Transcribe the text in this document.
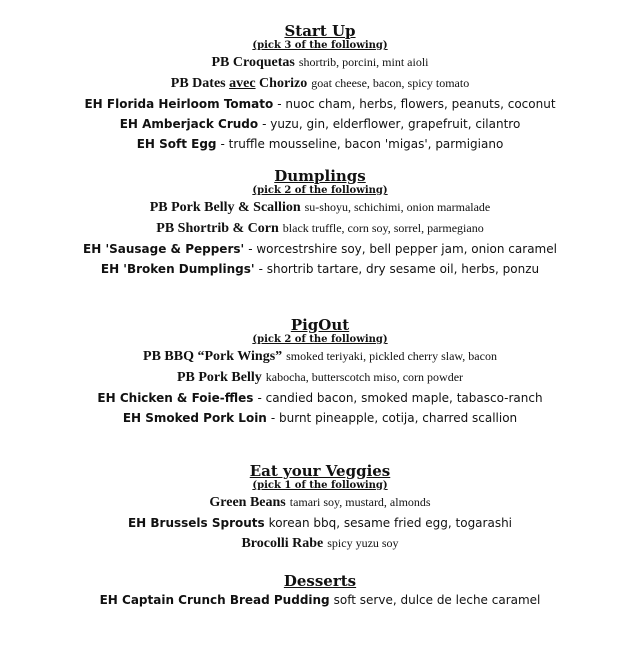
Start Up

(pick 3 of the following)

PB Croquetas shortrib, porcini, mint aioli

PB Dates avec Chorizo goat cheese, bacon, spicy tomato

EH Florida Heirloom Tomato - nuoc cham, herbs, flowers, peanuts, coconut

EH Amberjack Crudo - yuzu, gin, elderflower, grapefruit, cilantro

EH Soft Egg - truffle mousseline, bacon 'migas', parmigiano

Dumplings

(pick 2 of the following)

PB Pork Belly & Scallion su-shoyu, schichimi, onion marmalade

PB Shortrib & Corn black truffle, corn soy, sorrel, parmegiano

EH 'Sausage & Peppers' - worcestrshire soy, bell pepper jam, onion caramel

EH 'Broken Dumplings' - shortrib tartare, dry sesame oil, herbs, ponzu

PigOut

(pick 2 of the following)

PB BBQ “Pork Wings” smoked teriyaki, pickled cherry slaw, bacon

PB Pork Belly kabocha, butterscotch miso, corn powder

EH Chicken & Foie-ffles - candied bacon, smoked maple, tabasco-ranch

EH Smoked Pork Loin - burnt pineapple, cotija, charred scallion

Eat your Veggies

(pick 1 of the following)

Green Beans tamari soy, mustard, almonds

EH Brussels Sprouts korean bbq, sesame fried egg, togarashi

Brocolli Rabe spicy yuzu soy

Desserts

EH Captain Crunch Bread Pudding soft serve, dulce de leche caramel
